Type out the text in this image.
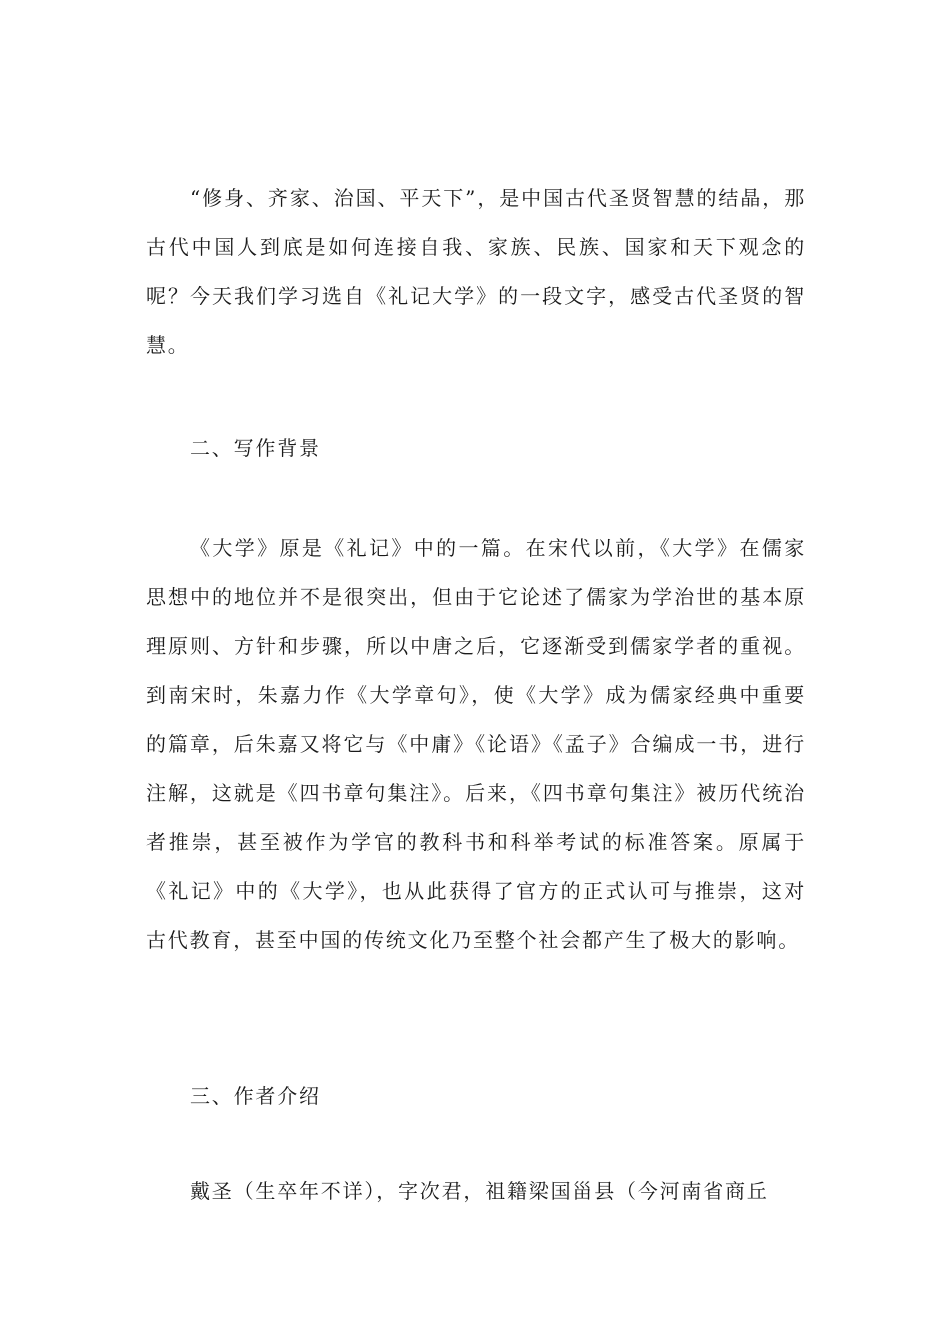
“修身、齐家、治国、平天下”，是中国古代圣贤智慧的结晶，那古代中国人到底是如何连接自我、家族、民族、国家和天下观念的呢？今天我们学习选自《礼记大学》的一段文字，感受古代圣贤的智慧。

二、写作背景

《大学》原是《礼记》中的一篇。在宋代以前，《大学》在儒家思想中的地位并不是很突出，但由于它论述了儒家为学治世的基本原理原则、方针和步骤，所以中唐之后，它逐渐受到儒家学者的重视。到南宋时，朱嘉力作《大学章句》，使《大学》成为儒家经典中重要的篇章，后朱嘉又将它与《中庸》《论语》《孟子》合编成一书，进行注解，这就是《四书章句集注》。后来，《四书章句集注》被历代统治者推崇，甚至被作为学官的教科书和科举考试的标准答案。原属于《礼记》中的《大学》，也从此获得了官方的正式认可与推崇，这对古代教育，甚至中国的传统文化乃至整个社会都产生了极大的影响。

三、作者介绍

戴圣（生卒年不详），字次君，祖籍梁国甾县（今河南省商丘
